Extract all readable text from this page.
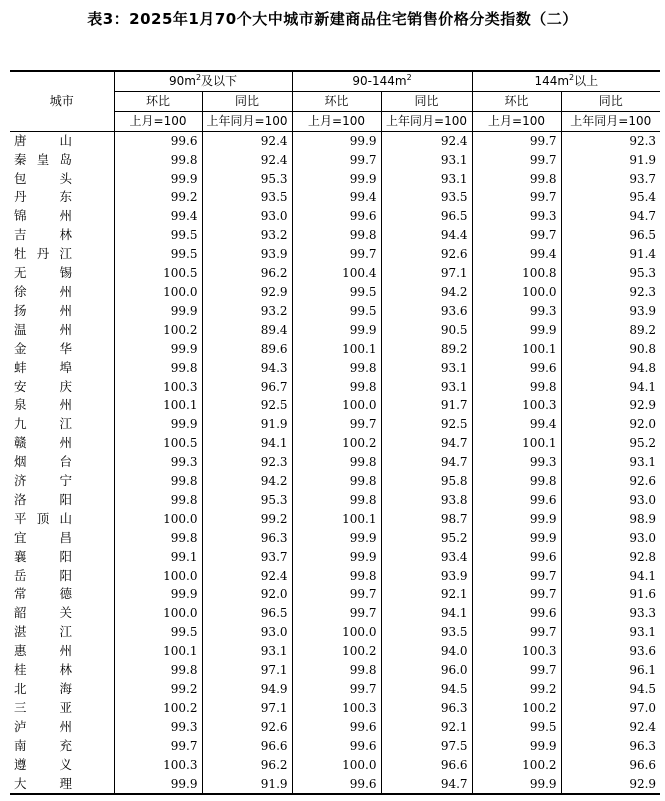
表3：2025年1月70个大中城市新建商品住宅销售价格分类指数（二）
城市	$90m^2$及以下		$90-144m^2$		$144m^2$以上	
	环比	同比	环比	同比	环比	同比
	上月=100	上年同月=100	上月=100	上年同月=100	上月=100	上年同月=100

唐 山	99.6	92.4	99.9	92.4	99.7	92.3

秦 皇 岛	99.8	92.4	99.7	93.1	99.7	91.9

包 头	99.9	95.3	99.9	93.1	99.8	93.7

丹 东	99.2	93.5	99.4	93.5	99.7	95.4

锦 州	99.4	93.0	99.6	96.5	99.3	94.7

吉 林	99.5	93.2	99.8	94.4	99.7	96.5

牡 丹 江	99.5	93.9	99.7	92.6	99.4	91.4

无 锡	100.5	96.2	100.4	97.1	100.8	95.3

徐 州	100.0	92.9	99.5	94.2	100.0	92.3

扬 州	99.9	93.2	99.5	93.6	99.3	93.9

温 州	100.2	89.4	99.9	90.5	99.9	89.2

金 华	99.9	89.6	100.1	89.2	100.1	90.8

蚌 埠	99.8	94.3	99.8	93.1	99.6	94.8

安 庆	100.3	96.7	99.8	93.1	99.8	94.1

泉 州	100.1	92.5	100.0	91.7	100.3	92.9

九 江	99.9	91.9	99.7	92.5	99.4	92.0

赣 州	100.5	94.1	100.2	94.7	100.1	95.2

烟 台	99.3	92.3	99.8	94.7	99.3	93.1

济 宁	99.8	94.2	99.8	95.8	99.8	92.6

洛 阳	99.8	95.3	99.8	93.8	99.6	93.0

平 顶 山	100.0	99.2	100.1	98.7	99.9	98.9

宜 昌	99.8	96.3	99.9	95.2	99.9	93.0

襄 阳	99.1	93.7	99.9	93.4	99.6	92.8

岳 阳	100.0	92.4	99.8	93.9	99.7	94.1

常 德	99.9	92.0	99.7	92.1	99.7	91.6

韶 关	100.0	96.5	99.7	94.1	99.6	93.3

湛 江	99.5	93.0	100.0	93.5	99.7	93.1

惠 州	100.1	93.1	100.2	94.0	100.3	93.6

桂 林	99.8	97.1	99.8	96.0	99.7	96.1

北 海	99.2	94.9	99.7	94.5	99.2	94.5

三 亚	100.2	97.1	100.3	96.3	100.2	97.0

泸 州	99.3	92.6	99.6	92.1	99.5	92.4

南 充	99.7	96.6	99.6	97.5	99.9	96.3

遵 义	100.3	96.2	100.0	96.6	100.2	96.6

大 理	99.9	91.9	99.6	94.7	99.9	92.9
